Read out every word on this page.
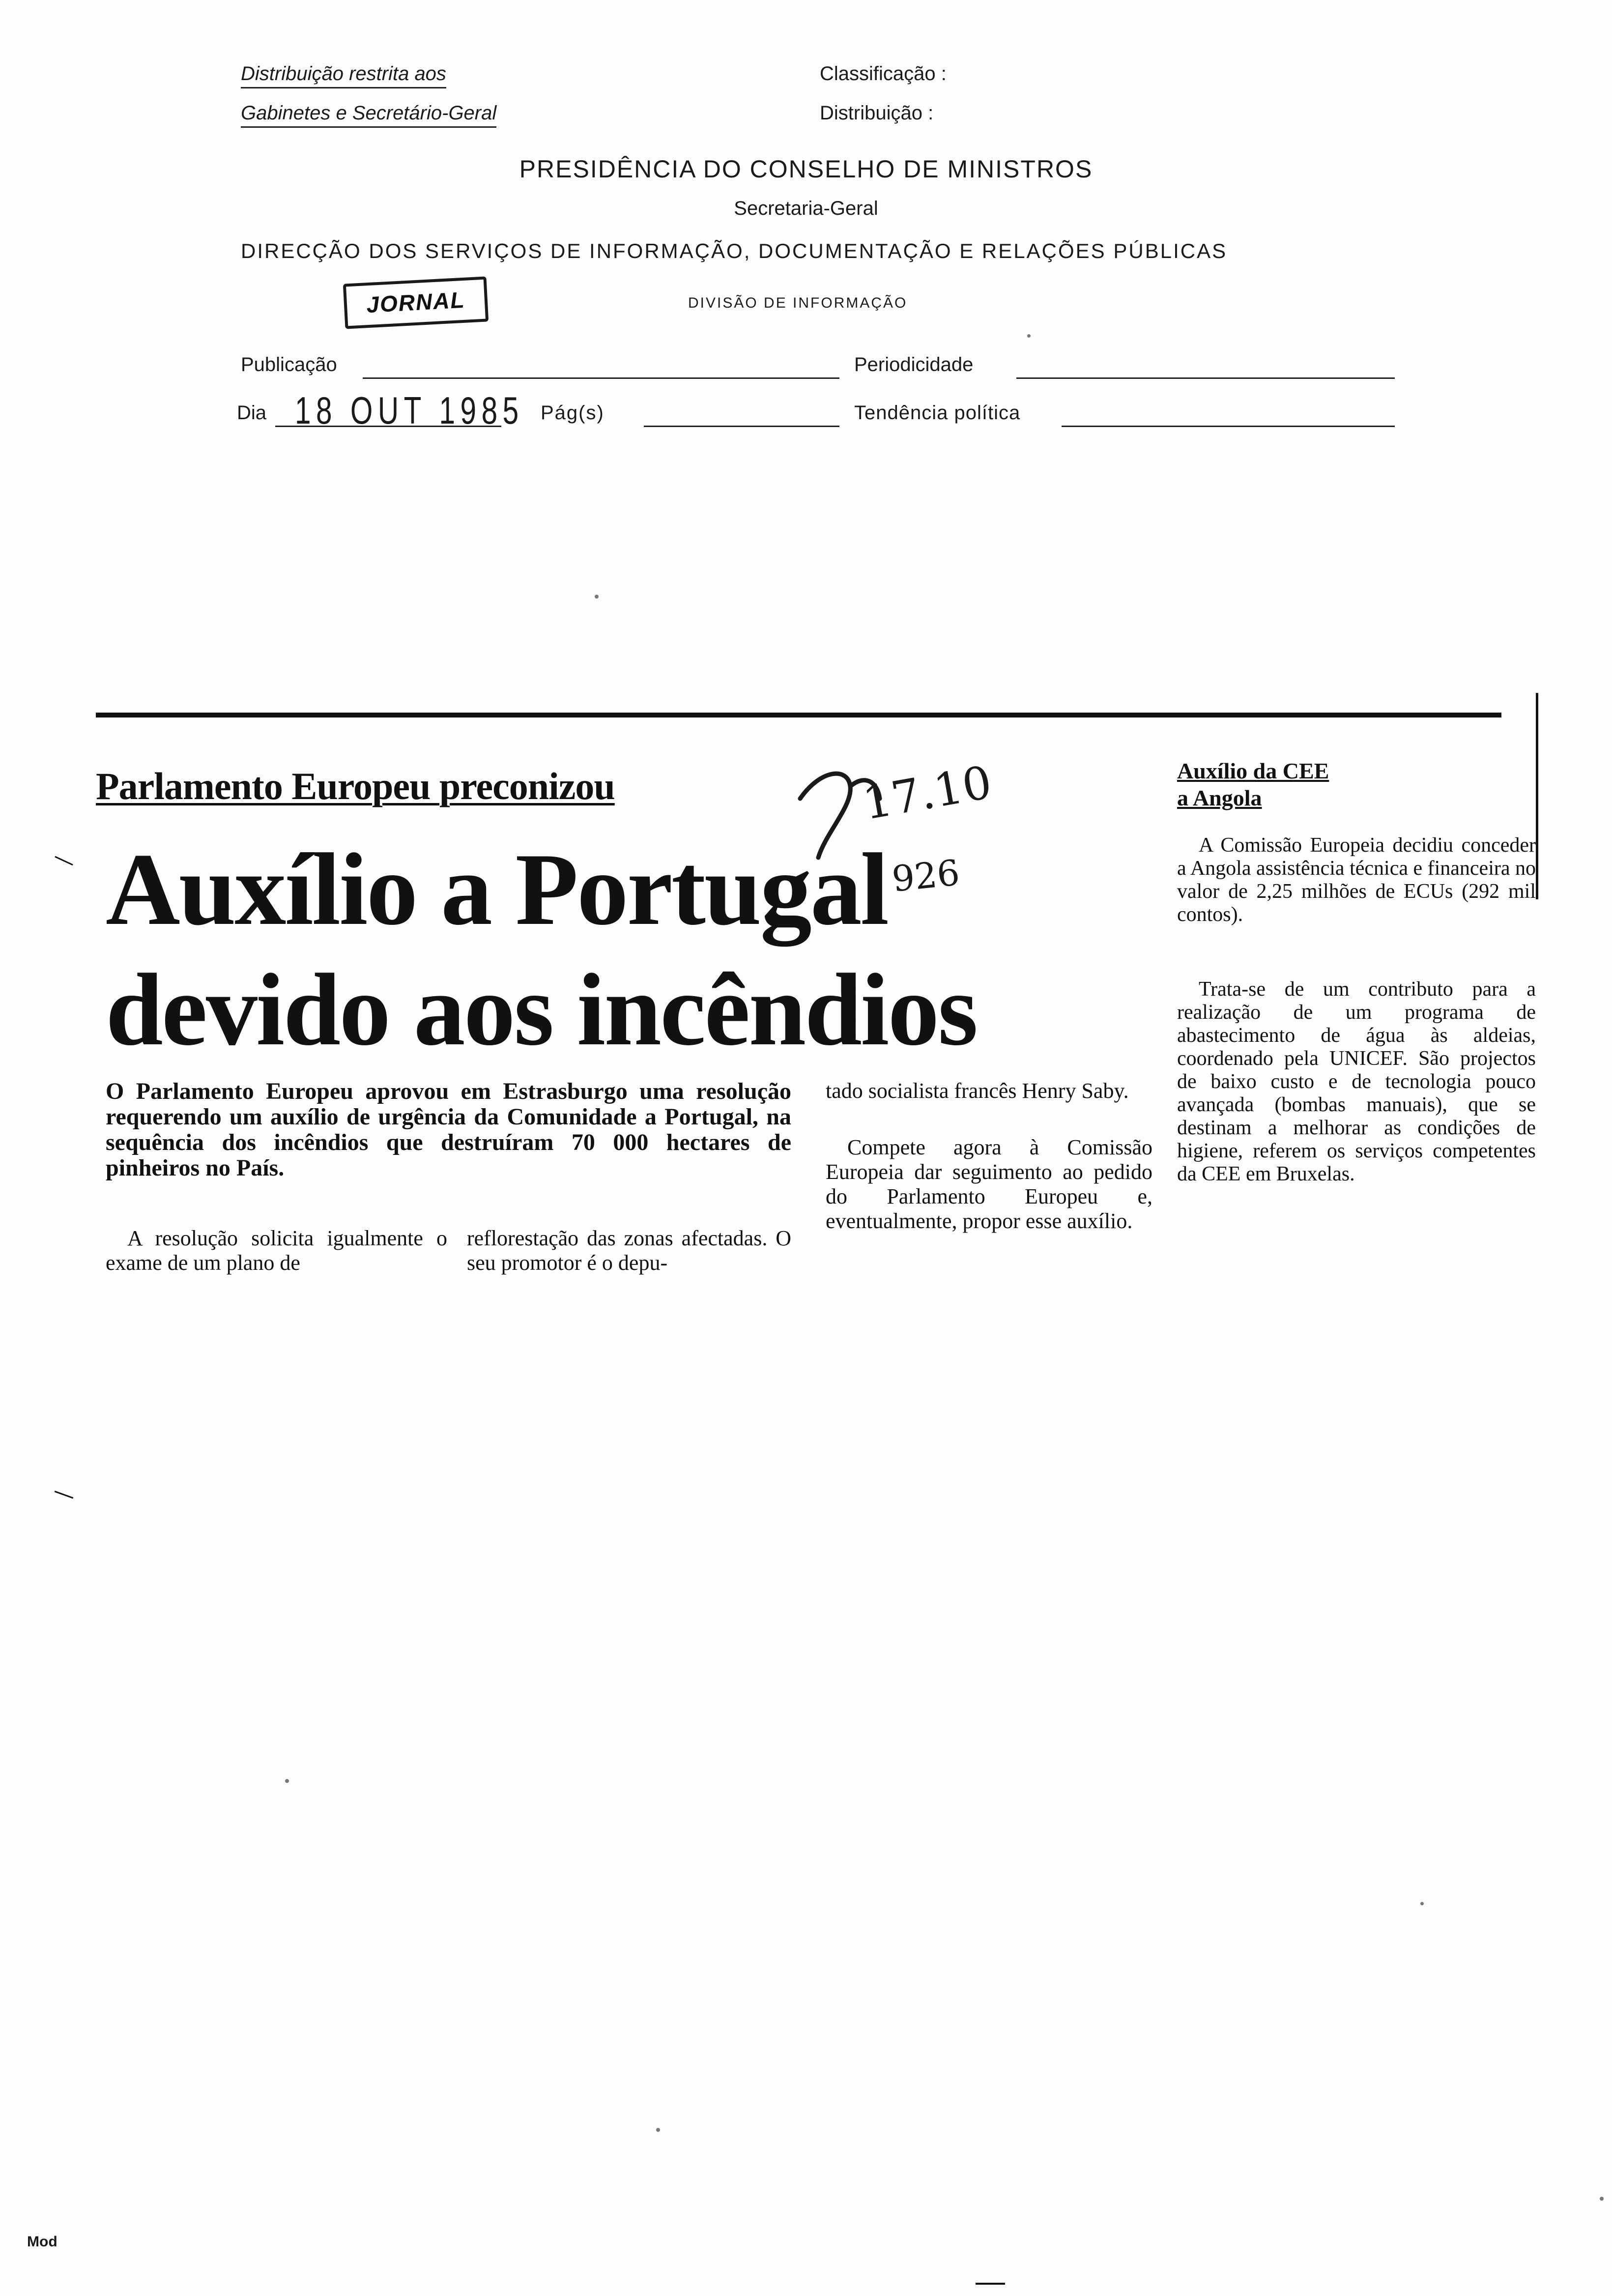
Distribuição restrita aos
Gabinetes e Secretário-Geral
Classificação :
Distribuição :
PRESIDÊNCIA DO CONSELHO DE MINISTROS
Secretaria-Geral
DIRECÇÃO DOS SERVIÇOS DE INFORMAÇÃO, DOCUMENTAÇÃO E RELAÇÕES PÚBLICAS
JORNAL	DIVISÃO DE INFORMAÇÃO
Publicação	Periodicidade
Dia 18 OUT 1985 Pág(s)	Tendência política
Parlamento Europeu preconizou
Auxílio a Portugal
devido aos incêndios
17.10
926
O Parlamento Europeu aprovou em Estrasburgo uma resolução requerendo um auxílio de urgência da Comunidade a Portugal, na sequência dos incêndios que destruíram 70 000 hectares de pinheiros no País.
A resolução solicita igualmente o exame de um plano de
reflorestação das zonas afectadas. O seu promotor é o depu-
tado socialista francês Henry Saby.
Compete agora à Comissão Europeia dar seguimento ao pedido do Parlamento Europeu e, eventualmente, propor esse auxílio.
Auxílio da CEE
a Angola
A Comissão Europeia decidiu conceder a Angola assistência técnica e financeira no valor de 2,25 milhões de ECUs (292 mil contos).
Trata-se de um contributo para a realização de um programa de abastecimento de água às aldeias, coordenado pela UNICEF. São projectos de baixo custo e de tecnologia pouco avançada (bombas manuais), que se destinam a melhorar as condições de higiene, referem os serviços competentes da CEE em Bruxelas.
Mod
